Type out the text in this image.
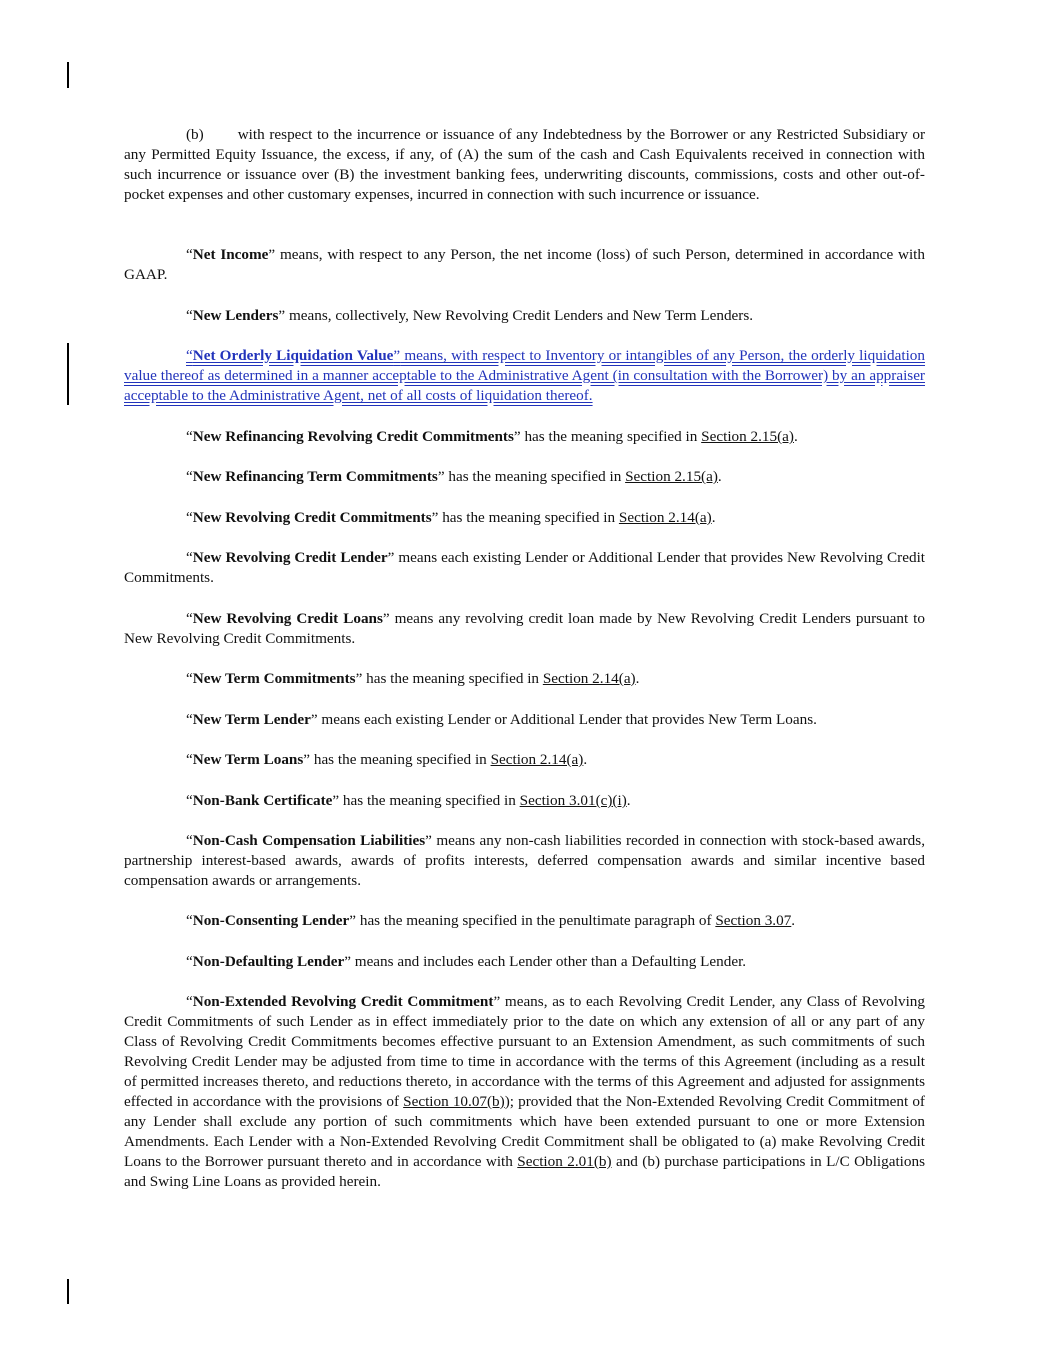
(b) with respect to the incurrence or issuance of any Indebtedness by the Borrower or any Restricted Subsidiary or any Permitted Equity Issuance, the excess, if any, of (A) the sum of the cash and Cash Equivalents received in connection with such incurrence or issuance over (B) the investment banking fees, underwriting discounts, commissions, costs and other out-of-pocket expenses and other customary expenses, incurred in connection with such incurrence or issuance.

“Net Income” means, with respect to any Person, the net income (loss) of such Person, determined in accordance with GAAP.

“New Lenders” means, collectively, New Revolving Credit Lenders and New Term Lenders.

“Net Orderly Liquidation Value” means, with respect to Inventory or intangibles of any Person, the orderly liquidation value thereof as determined in a manner acceptable to the Administrative Agent (in consultation with the Borrower) by an appraiser acceptable to the Administrative Agent, net of all costs of liquidation thereof.

“New Refinancing Revolving Credit Commitments” has the meaning specified in Section 2.15(a).

“New Refinancing Term Commitments” has the meaning specified in Section 2.15(a).

“New Revolving Credit Commitments” has the meaning specified in Section 2.14(a).

“New Revolving Credit Lender” means each existing Lender or Additional Lender that provides New Revolving Credit Commitments.

“New Revolving Credit Loans” means any revolving credit loan made by New Revolving Credit Lenders pursuant to New Revolving Credit Commitments.

“New Term Commitments” has the meaning specified in Section 2.14(a).

“New Term Lender” means each existing Lender or Additional Lender that provides New Term Loans.

“New Term Loans” has the meaning specified in Section 2.14(a).

“Non-Bank Certificate” has the meaning specified in Section 3.01(c)(i).

“Non-Cash Compensation Liabilities” means any non-cash liabilities recorded in connection with stock-based awards, partnership interest-based awards, awards of profits interests, deferred compensation awards and similar incentive based compensation awards or arrangements.

“Non-Consenting Lender” has the meaning specified in the penultimate paragraph of Section 3.07.

“Non-Defaulting Lender” means and includes each Lender other than a Defaulting Lender.

“Non-Extended Revolving Credit Commitment” means, as to each Revolving Credit Lender, any Class of Revolving Credit Commitments of such Lender as in effect immediately prior to the date on which any extension of all or any part of any Class of Revolving Credit Commitments becomes effective pursuant to an Extension Amendment, as such commitments of such Revolving Credit Lender may be adjusted from time to time in accordance with the terms of this Agreement (including as a result of permitted increases thereto, and reductions thereto, in accordance with the terms of this Agreement and adjusted for assignments effected in accordance with the provisions of Section 10.07(b)); provided that the Non-Extended Revolving Credit Commitment of any Lender shall exclude any portion of such commitments which have been extended pursuant to one or more Extension Amendments. Each Lender with a Non-Extended Revolving Credit Commitment shall be obligated to (a) make Revolving Credit Loans to the Borrower pursuant thereto and in accordance with Section 2.01(b) and (b) purchase participations in L/C Obligations and Swing Line Loans as provided herein.
